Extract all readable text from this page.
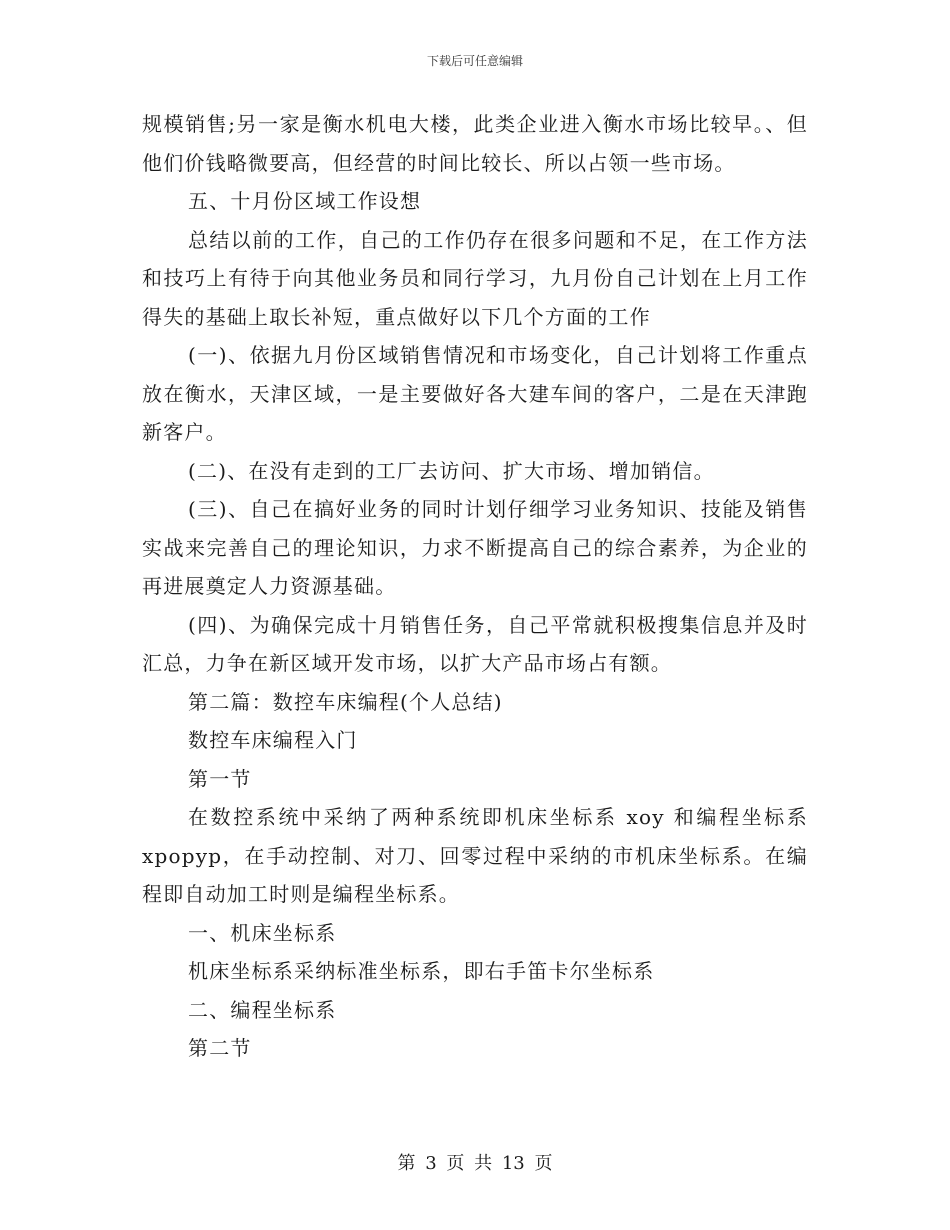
下载后可任意编辑

规模销售;另一家是衡水机电大楼，此类企业进入衡水市场比较早。、但他们价钱略微要高，但经营的时间比较长、所以占领一些市场。

五、十月份区域工作设想

总结以前的工作，自己的工作仍存在很多问题和不足，在工作方法和技巧上有待于向其他业务员和同行学习，九月份自己计划在上月工作得失的基础上取长补短，重点做好以下几个方面的工作

(一)、依据九月份区域销售情况和市场变化，自己计划将工作重点放在衡水，天津区域，一是主要做好各大建车间的客户，二是在天津跑新客户。

(二)、在没有走到的工厂去访问、扩大市场、增加销信。

(三)、自己在搞好业务的同时计划仔细学习业务知识、技能及销售实战来完善自己的理论知识，力求不断提高自己的综合素养，为企业的再进展奠定人力资源基础。

(四)、为确保完成十月销售任务，自己平常就积极搜集信息并及时汇总，力争在新区域开发市场，以扩大产品市场占有额。

第二篇：数控车床编程(个人总结)

数控车床编程入门

第一节

在数控系统中采纳了两种系统即机床坐标系 xoy 和编程坐标系 xpopyp，在手动控制、对刀、回零过程中采纳的市机床坐标系。在编程即自动加工时则是编程坐标系。

一、机床坐标系

机床坐标系采纳标准坐标系，即右手笛卡尔坐标系

二、编程坐标系

第二节

第 3 页 共 13 页
